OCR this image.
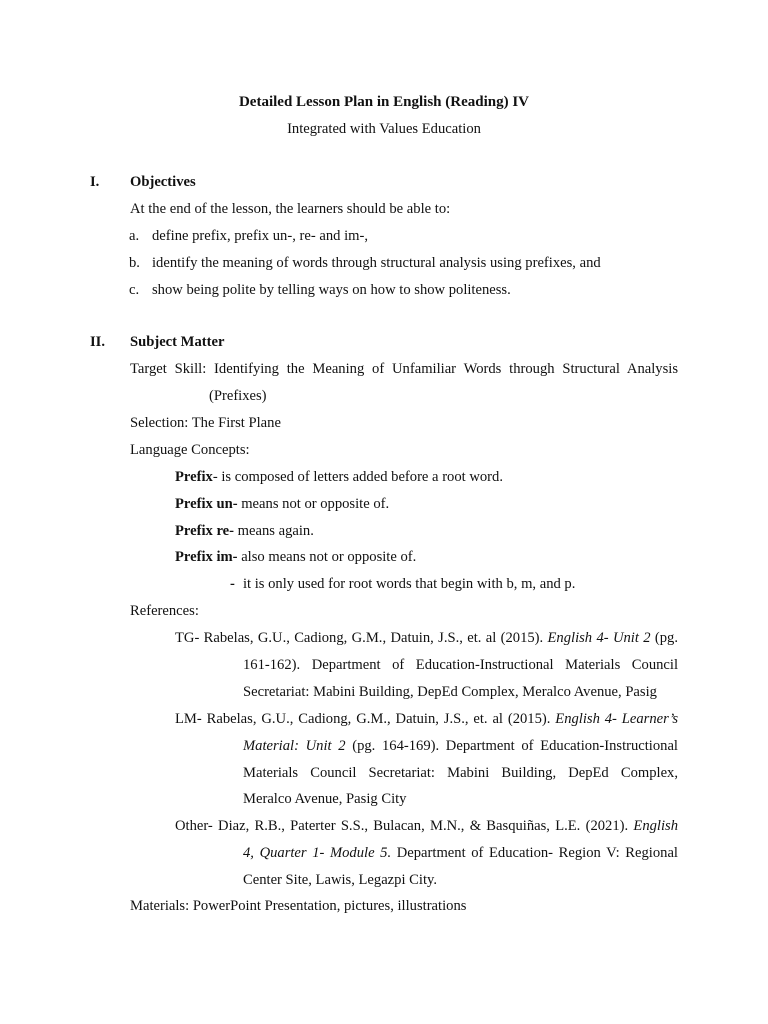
Detailed Lesson Plan in English (Reading) IV
Integrated with Values Education
I. Objectives
At the end of the lesson, the learners should be able to:
a. define prefix, prefix un-, re- and im-,
b. identify the meaning of words through structural analysis using prefixes, and
c. show being polite by telling ways on how to show politeness.
II. Subject Matter
Target Skill: Identifying the Meaning of Unfamiliar Words through Structural Analysis
(Prefixes)
Selection: The First Plane
Language Concepts:
Prefix- is composed of letters added before a root word.
Prefix un- means not or opposite of.
Prefix re- means again.
Prefix im- also means not or opposite of.
- it is only used for root words that begin with b, m, and p.
References:
TG- Rabelas, G.U., Cadiong, G.M., Datuin, J.S., et. al (2015). English 4- Unit 2 (pg.
161-162). Department of Education-Instructional Materials Council
Secretariat: Mabini Building, DepEd Complex, Meralco Avenue, Pasig
LM- Rabelas, G.U., Cadiong, G.M., Datuin, J.S., et. al (2015). English 4- Learner’s
Material: Unit 2 (pg. 164-169). Department of Education-Instructional
Materials Council Secretariat: Mabini Building, DepEd Complex,
Meralco Avenue, Pasig City
Other- Diaz, R.B., Paterter S.S., Bulacan, M.N., & Basquiñas, L.E. (2021). English
4, Quarter 1- Module 5. Department of Education- Region V: Regional
Center Site, Lawis, Legazpi City.
Materials: PowerPoint Presentation, pictures, illustrations
